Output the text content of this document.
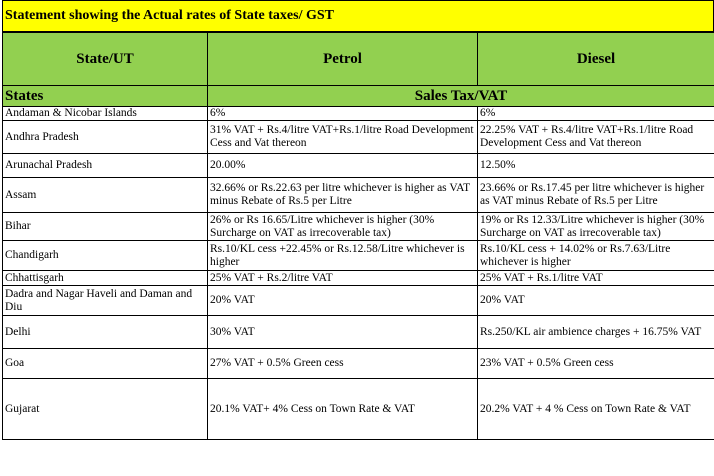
Statement showing the Actual rates of State taxes/ GST
State/UT	Petrol	Diesel
States	Sales Tax/VAT	
Andaman & Nicobar Islands	6%	6%
Andhra Pradesh	31% VAT + Rs.4/litre VAT+Rs.1/litre Road Development Cess and Vat thereon	22.25% VAT + Rs.4/litre VAT+Rs.1/litre Road Development Cess and Vat thereon
Arunachal Pradesh	20.00%	12.50%
Assam	32.66% or Rs.22.63 per litre whichever is higher as VAT minus Rebate of Rs.5 per Litre	23.66% or Rs.17.45 per litre whichever is higher as VAT minus Rebate of Rs.5 per Litre
Bihar	26% or Rs 16.65/Litre whichever is higher (30% Surcharge on VAT as irrecoverable tax)	19% or Rs 12.33/Litre whichever is higher (30% Surcharge on VAT as irrecoverable tax)
Chandigarh	Rs.10/KL cess +22.45% or Rs.12.58/Litre whichever is higher	Rs.10/KL cess + 14.02% or Rs.7.63/Litre whichever is higher
Chhattisgarh	25% VAT + Rs.2/litre VAT	25% VAT + Rs.1/litre VAT
Dadra and Nagar Haveli and Daman and Diu	20% VAT	20% VAT
Delhi	30% VAT	Rs.250/KL air ambience charges + 16.75% VAT
Goa	27% VAT + 0.5% Green cess	23% VAT + 0.5% Green cess
Gujarat	20.1% VAT+ 4% Cess on Town Rate & VAT	20.2% VAT + 4 % Cess on Town Rate & VAT
